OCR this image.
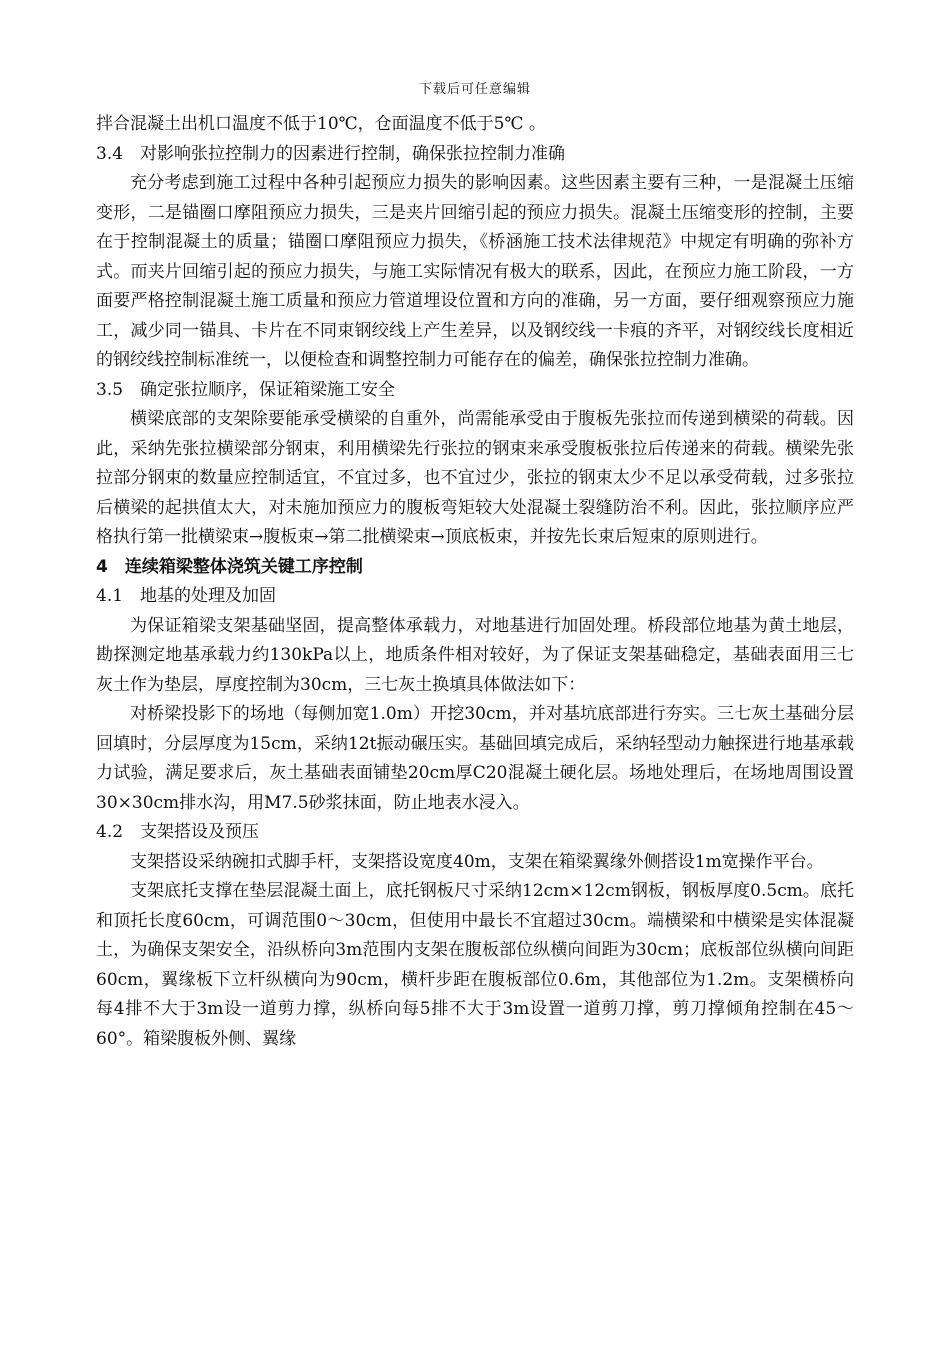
下载后可任意编辑

拌合混凝土出机口温度不低于10℃，仓面温度不低于5℃ 。

3.4　对影响张拉控制力的因素进行控制，确保张拉控制力准确

充分考虑到施工过程中各种引起预应力损失的影响因素。这些因素主要有三种，一是混凝土压缩变形，二是锚圈口摩阻预应力损失，三是夹片回缩引起的预应力损失。混凝土压缩变形的控制，主要在于控制混凝土的质量；锚圈口摩阻预应力损失，《桥涵施工技术法律规范》中规定有明确的弥补方式。而夹片回缩引起的预应力损失，与施工实际情况有极大的联系，因此，在预应力施工阶段，一方面要严格控制混凝土施工质量和预应力管道埋设位置和方向的准确，另一方面，要仔细观察预应力施工，减少同一锚具、卡片在不同束钢绞线上产生差异，以及钢绞线一卡痕的齐平，对钢绞线长度相近的钢绞线控制标准统一，以便检查和调整控制力可能存在的偏差，确保张拉控制力准确。

3.5　确定张拉顺序，保证箱梁施工安全

横梁底部的支架除要能承受横梁的自重外，尚需能承受由于腹板先张拉而传递到横梁的荷载。因此，采纳先张拉横梁部分钢束，利用横梁先行张拉的钢束来承受腹板张拉后传递来的荷载。横梁先张拉部分钢束的数量应控制适宜，不宜过多，也不宜过少，张拉的钢束太少不足以承受荷载，过多张拉后横梁的起拱值太大，对未施加预应力的腹板弯矩较大处混凝土裂缝防治不利。因此，张拉顺序应严格执行第一批横梁束→腹板束→第二批横梁束→顶底板束，并按先长束后短束的原则进行。

4　连续箱梁整体浇筑关键工序控制

4.1　地基的处理及加固

为保证箱梁支架基础坚固，提高整体承载力，对地基进行加固处理。桥段部位地基为黄土地层，勘探测定地基承载力约130kPa以上，地质条件相对较好，为了保证支架基础稳定，基础表面用三七灰土作为垫层，厚度控制为30cm，三七灰土换填具体做法如下：

对桥梁投影下的场地（每侧加宽1.0m）开挖30cm，并对基坑底部进行夯实。三七灰土基础分层回填时，分层厚度为15cm，采纳12t振动碾压实。基础回填完成后，采纳轻型动力触探进行地基承载力试验，满足要求后，灰土基础表面铺垫20cm厚C20混凝土硬化层。场地处理后，在场地周围设置30×30cm排水沟，用M7.5砂浆抹面，防止地表水浸入。

4.2　支架搭设及预压

支架搭设采纳碗扣式脚手杆，支架搭设宽度40m，支架在箱梁翼缘外侧搭设1m宽操作平台。

支架底托支撑在垫层混凝土面上，底托钢板尺寸采纳12cm×12cm钢板，钢板厚度0.5cm。底托和顶托长度60cm，可调范围0～30cm，但使用中最长不宜超过30cm。端横梁和中横梁是实体混凝土，为确保支架安全，沿纵桥向3m范围内支架在腹板部位纵横向间距为30cm；底板部位纵横向间距60cm，翼缘板下立杆纵横向为90cm，横杆步距在腹板部位0.6m，其他部位为1.2m。支架横桥向每4排不大于3m设一道剪力撑，纵桥向每5排不大于3m设置一道剪刀撑，剪刀撑倾角控制在45～60°。箱梁腹板外侧、翼缘
